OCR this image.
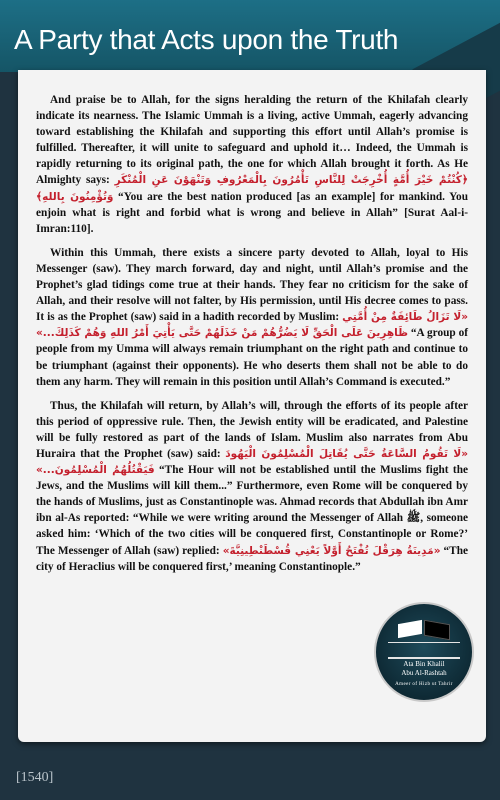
A Party that Acts upon the Truth

And praise be to Allah, for the signs heralding the return of the Khilafah clearly indicate its nearness. The Islamic Ummah is a living, active Ummah, eagerly advancing toward establishing the Khilafah and supporting this effort until Allah’s promise is fulfilled. Thereafter, it will unite to safeguard and uphold it… Indeed, the Ummah is rapidly returning to its original path, the one for which Allah brought it forth. As He Almighty says: ﴿كُنْتُمْ خَيْرَ أُمَّةٍ أُخْرِجَتْ لِلنَّاسِ تَأْمُرُونَ بِالْمَعْرُوفِ وَتَنْهَوْنَ عَنِ الْمُنْكَرِ وَتُؤْمِنُونَ بِاللهِ﴾ “You are the best nation produced [as an example] for mankind. You enjoin what is right and forbid what is wrong and believe in Allah” [Surat Aal-i-Imran:110].

Within this Ummah, there exists a sincere party devoted to Allah, loyal to His Messenger (saw). They march forward, day and night, until Allah’s promise and the Prophet’s glad tidings come true at their hands. They fear no criticism for the sake of Allah, and their resolve will not falter, by His permission, until His decree comes to pass. It is as the Prophet (saw) said in a hadith recorded by Muslim: «لَا تَزَالُ طَائِفَةٌ مِنْ أُمَّتِي ظَاهِرِينَ عَلَى الْحَقِّ لَا يَضُرُّهُمْ مَنْ خَذَلَهُمْ حَتَّى يَأْتِيَ أَمْرُ اللهِ وَهُمْ كَذَلِكَ...» “A group of people from my Umma will always remain triumphant on the right path and continue to be triumphant (against their opponents). He who deserts them shall not be able to do them any harm. They will remain in this position until Allah’s Command is executed.”

Thus, the Khilafah will return, by Allah’s will, through the efforts of its people after this period of oppressive rule. Then, the Jewish entity will be eradicated, and Palestine will be fully restored as part of the lands of Islam. Muslim also narrates from Abu Huraira that the Prophet (saw) said: «لَا تَقُومُ السَّاعَةُ حَتَّى يُقَاتِلَ الْمُسْلِمُونَ الْيَهُودَ فَيَقْتُلُهُمُ الْمُسْلِمُونَ...» “The Hour will not be established until the Muslims fight the Jews, and the Muslims will kill them...” Furthermore, even Rome will be conquered by the hands of Muslims, just as Constantinople was. Ahmad records that Abdullah ibn Amr ibn al-As reported: “While we were writing around the Messenger of Allah ﷺ, someone asked him: ‘Which of the two cities will be conquered first, Constantinople or Rome?’ The Messenger of Allah (saw) replied: «مَدِينَةُ هِرَقْلَ تُفْتَحُ أَوَّلاً يَعْنِي قُسْطَنْطِينِيَّةَ» “The city of Heraclius will be conquered first,’ meaning Constantinople.”

Ata Bin Khalil
Abu Al-Rashtah
Ameer of Hizb ut Tahrir
[1540]
